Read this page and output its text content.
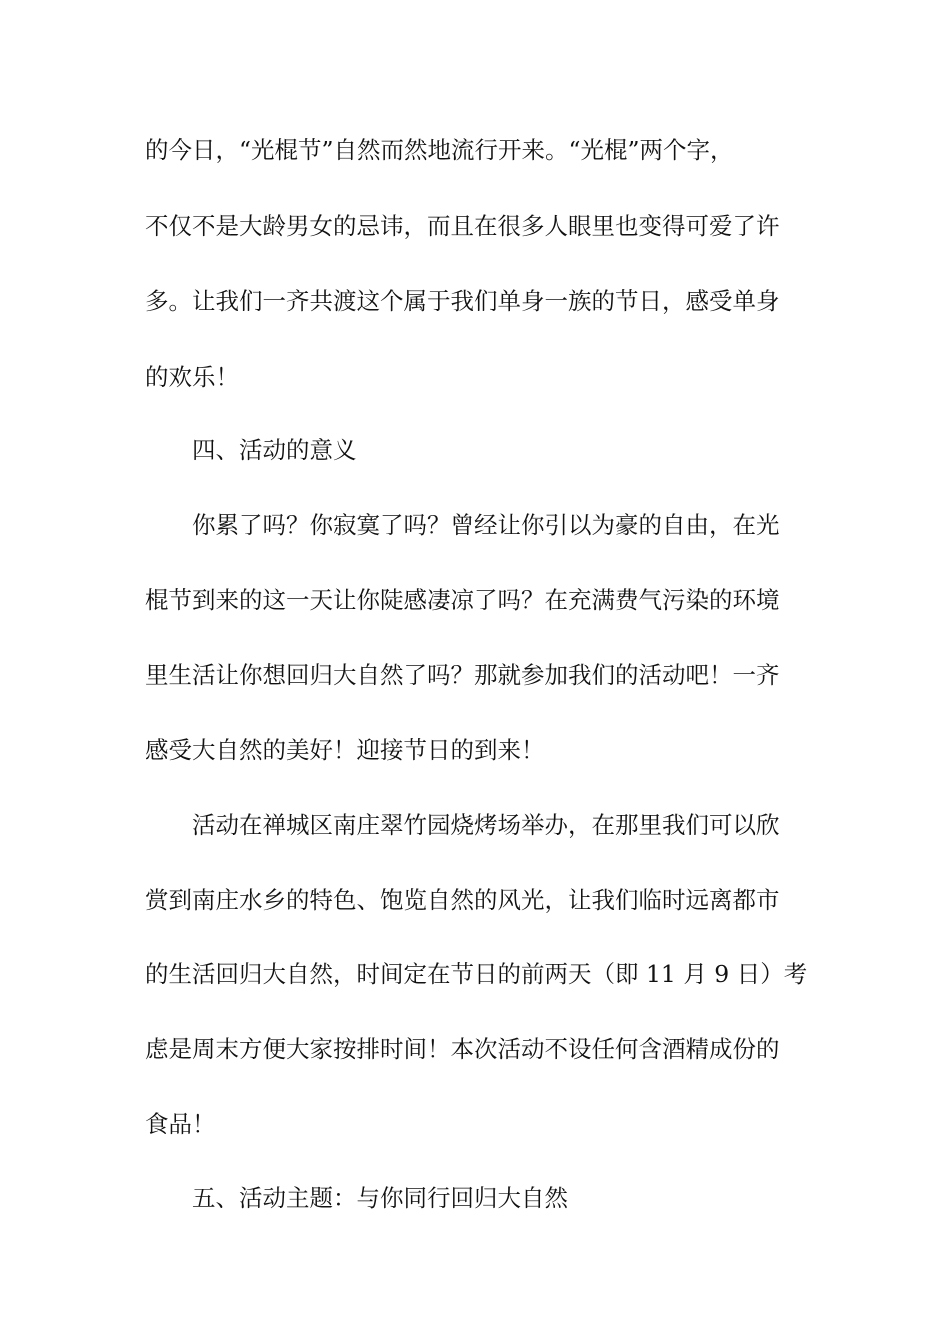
的今日，“光棍节”自然而然地流行开来。“光棍”两个字，
不仅不是大龄男女的忌讳，而且在很多人眼里也变得可爱了许
多。让我们一齐共渡这个属于我们单身一族的节日，感受单身
的欢乐！
四、活动的意义
你累了吗？你寂寞了吗？曾经让你引以为豪的自由，在光
棍节到来的这一天让你陡感凄凉了吗？在充满费气污染的环境
里生活让你想回归大自然了吗？那就参加我们的活动吧！一齐
感受大自然的美好！迎接节日的到来！
活动在禅城区南庄翠竹园烧烤场举办，在那里我们可以欣
赏到南庄水乡的特色、饱览自然的风光，让我们临时远离都市
的生活回归大自然，时间定在节日的前两天（即 11 月 9 日）考
虑是周末方便大家按排时间！本次活动不设任何含酒精成份的
食品！
五、活动主题：与你同行回归大自然
